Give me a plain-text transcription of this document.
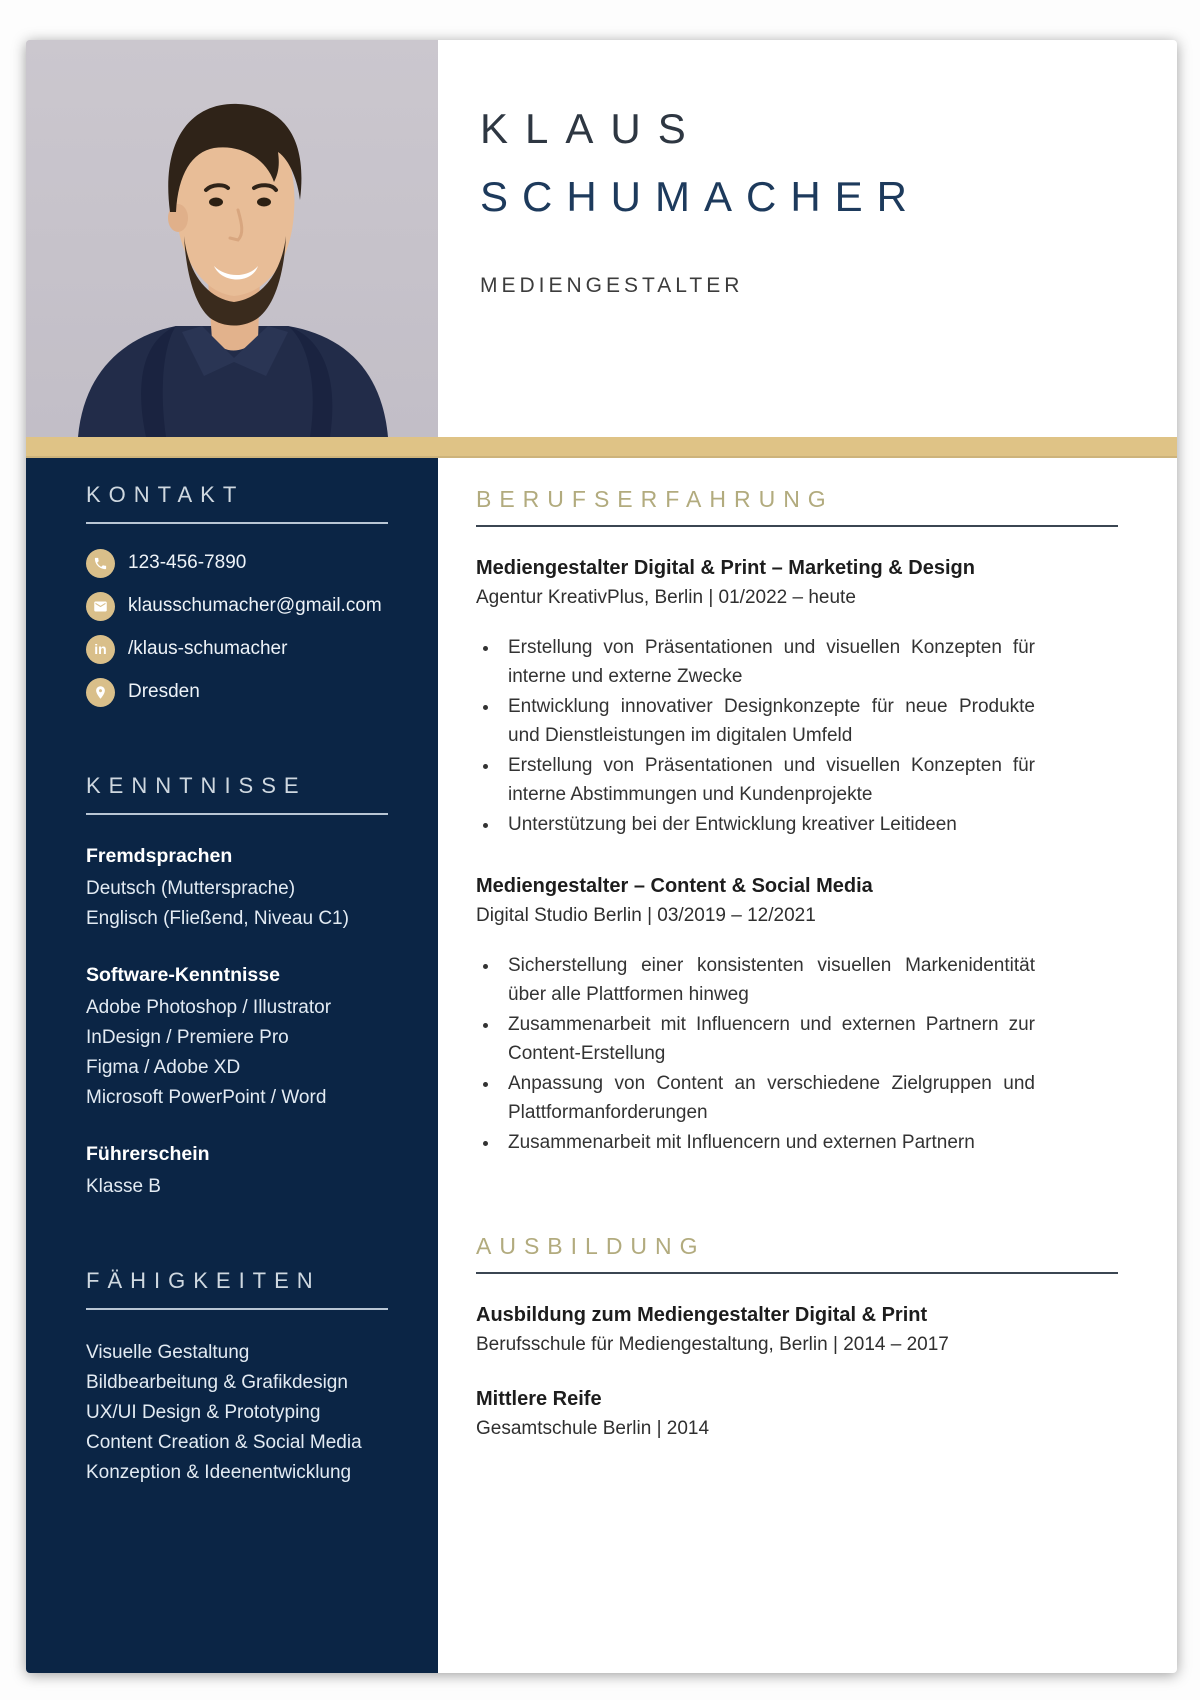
KLAUS
SCHUMACHER
MEDIENGESTALTER
KONTAKT
123-456-7890
klausschumacher@gmail.com
in /klaus-schumacher
Dresden
KENNTNISSE
Fremdsprachen
Deutsch (Muttersprache)
Englisch (Fließend, Niveau C1)
Software-Kenntnisse
Adobe Photoshop / Illustrator
InDesign / Premiere Pro
Figma / Adobe XD
Microsoft PowerPoint / Word
Führerschein
Klasse B
FÄHIGKEITEN
Visuelle Gestaltung
Bildbearbeitung & Grafikdesign
UX/UI Design & Prototyping
Content Creation & Social Media
Konzeption & Ideenentwicklung
BERUFSERFAHRUNG
Mediengestalter Digital & Print – Marketing & Design
Agentur KreativPlus, Berlin | 01/2022 – heute
• Erstellung von Präsentationen und visuellen Konzepten für interne und externe Zwecke
• Entwicklung innovativer Designkonzepte für neue Produkte und Dienstleistungen im digitalen Umfeld
• Erstellung von Präsentationen und visuellen Konzepten für interne Abstimmungen und Kundenprojekte
• Unterstützung bei der Entwicklung kreativer Leitideen
Mediengestalter – Content & Social Media
Digital Studio Berlin | 03/2019 – 12/2021
• Sicherstellung einer konsistenten visuellen Markenidentität über alle Plattformen hinweg
• Zusammenarbeit mit Influencern und externen Partnern zur Content-Erstellung
• Anpassung von Content an verschiedene Zielgruppen und Plattformanforderungen
• Zusammenarbeit mit Influencern und externen Partnern
AUSBILDUNG
Ausbildung zum Mediengestalter Digital & Print
Berufsschule für Mediengestaltung, Berlin | 2014 – 2017
Mittlere Reife
Gesamtschule Berlin | 2014
